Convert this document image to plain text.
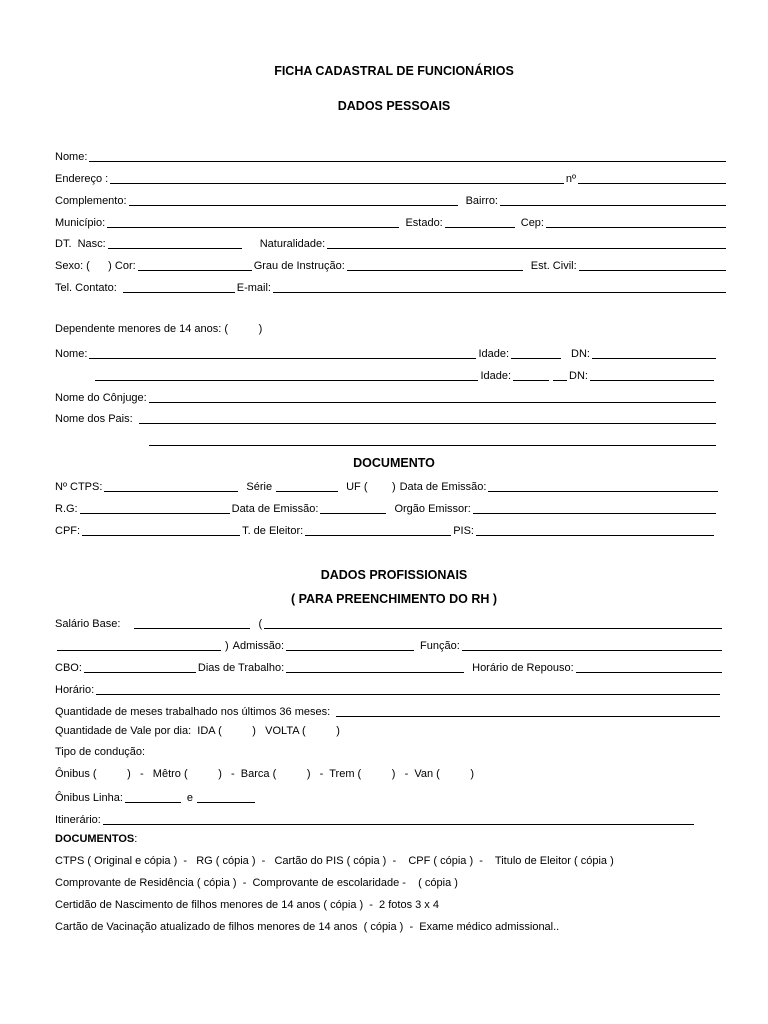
FICHA CADASTRAL DE FUNCIONÁRIOS
DADOS PESSOAIS
Nome:
Endereço :	nº
Complemento:	Bairro:
Município:	Estado:	Cep:
DT.  Nasc:	Naturalidade:
Sexo: (      ) Cor:	Grau de Instrução:	Est. Civil:
Tel. Contato:	E-mail:
Dependente menores de 14 anos: (          )
Nome:	Idade:	DN:
Idade:	DN:
Nome do Cônjuge:
Nome dos Pais:
DOCUMENTO
Nº CTPS:	Série	UF (        ) Data de Emissão:
R.G:	Data de Emissão:	Orgão Emissor:
CPF:	T. de Eleitor:	PIS:
DADOS PROFISSIONAIS
( PARA PREENCHIMENTO DO RH )
Salário Base:	(
) Admissão:	Função:
CBO:	Dias de Trabalho:	Horário de Repouso:
Horário:
Quantidade de meses trabalhado nos últimos 36 meses:
Quantidade de Vale por dia:  IDA (          )   VOLTA (          )
Tipo de condução:
Ônibus (          )   -   Mêtro (          )   -  Barca (          )   -  Trem (          )   -  Van (          )
Ônibus Linha:	e
Itinerário:
DOCUMENTOS:
CTPS ( Original e cópia )  -   RG ( cópia )  -   Cartão do PIS ( cópia )  -    CPF ( cópia )  -    Titulo de Eleitor ( cópia )
Comprovante de Residência ( cópia )  -  Comprovante de escolaridade -    ( cópia )
Certidão de Nascimento de filhos menores de 14 anos ( cópia )  -  2 fotos 3 x 4
Cartão de Vacinação atualizado de filhos menores de 14 anos  ( cópia )  -  Exame médico admissional..
